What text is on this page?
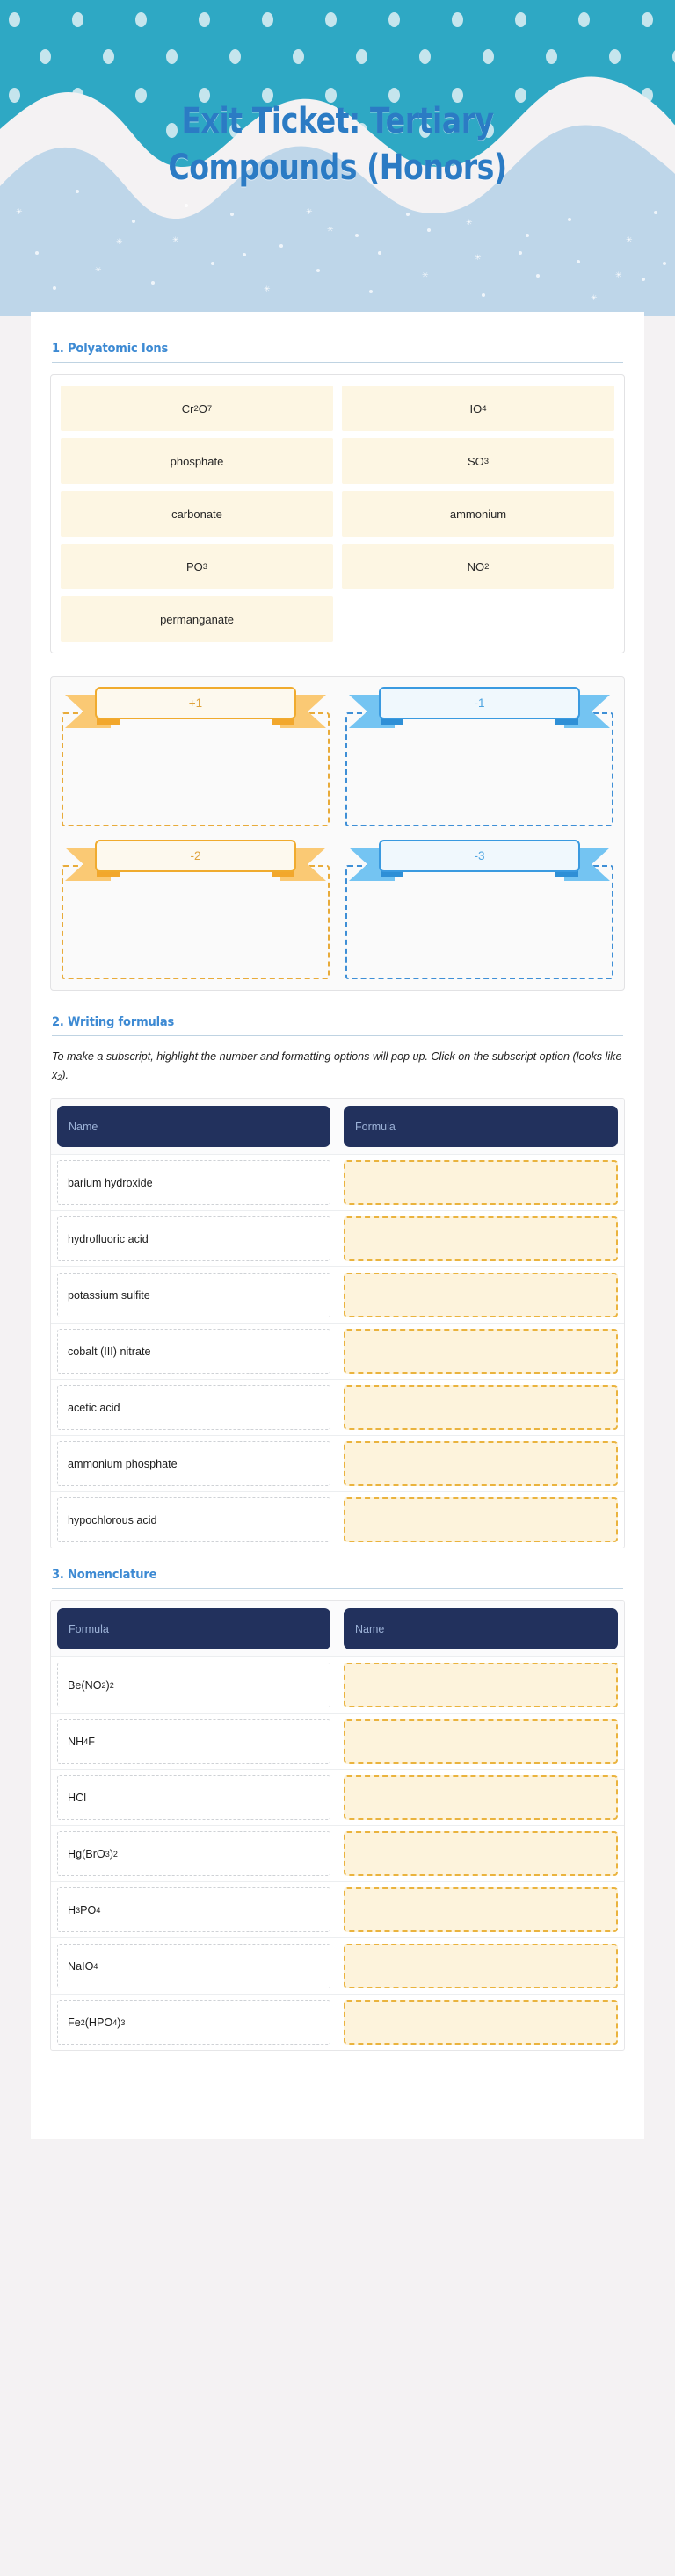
✳
✳
✳
✳
✳
✳
✳
✳
✳
✳
✳
✳
✳
Exit Ticket: Tertiary
Compounds (Honors)
1. Polyatomic Ions
Cr 2 O 7	IO 4
phosphate	SO 3
carbonate	ammonium
PO 3	NO 2
permanganate
+1	-1
-2	-3
2. Writing formulas
To make a subscript, highlight the number and formatting options will pop up. Click on the subscript option (looks like $x_2$).
Name	Formula
barium hydroxide
hydrofluoric acid
potassium sulfite
cobalt (III) nitrate
acetic acid
ammonium phosphate
hypochlorous acid
3. Nomenclature
Formula	Name
Be(NO 2 ) 2
NH 4 F
HCl
Hg(BrO 3 ) 2
H 3 PO 4
NaIO 4
Fe 2 (HPO 4 ) 3
